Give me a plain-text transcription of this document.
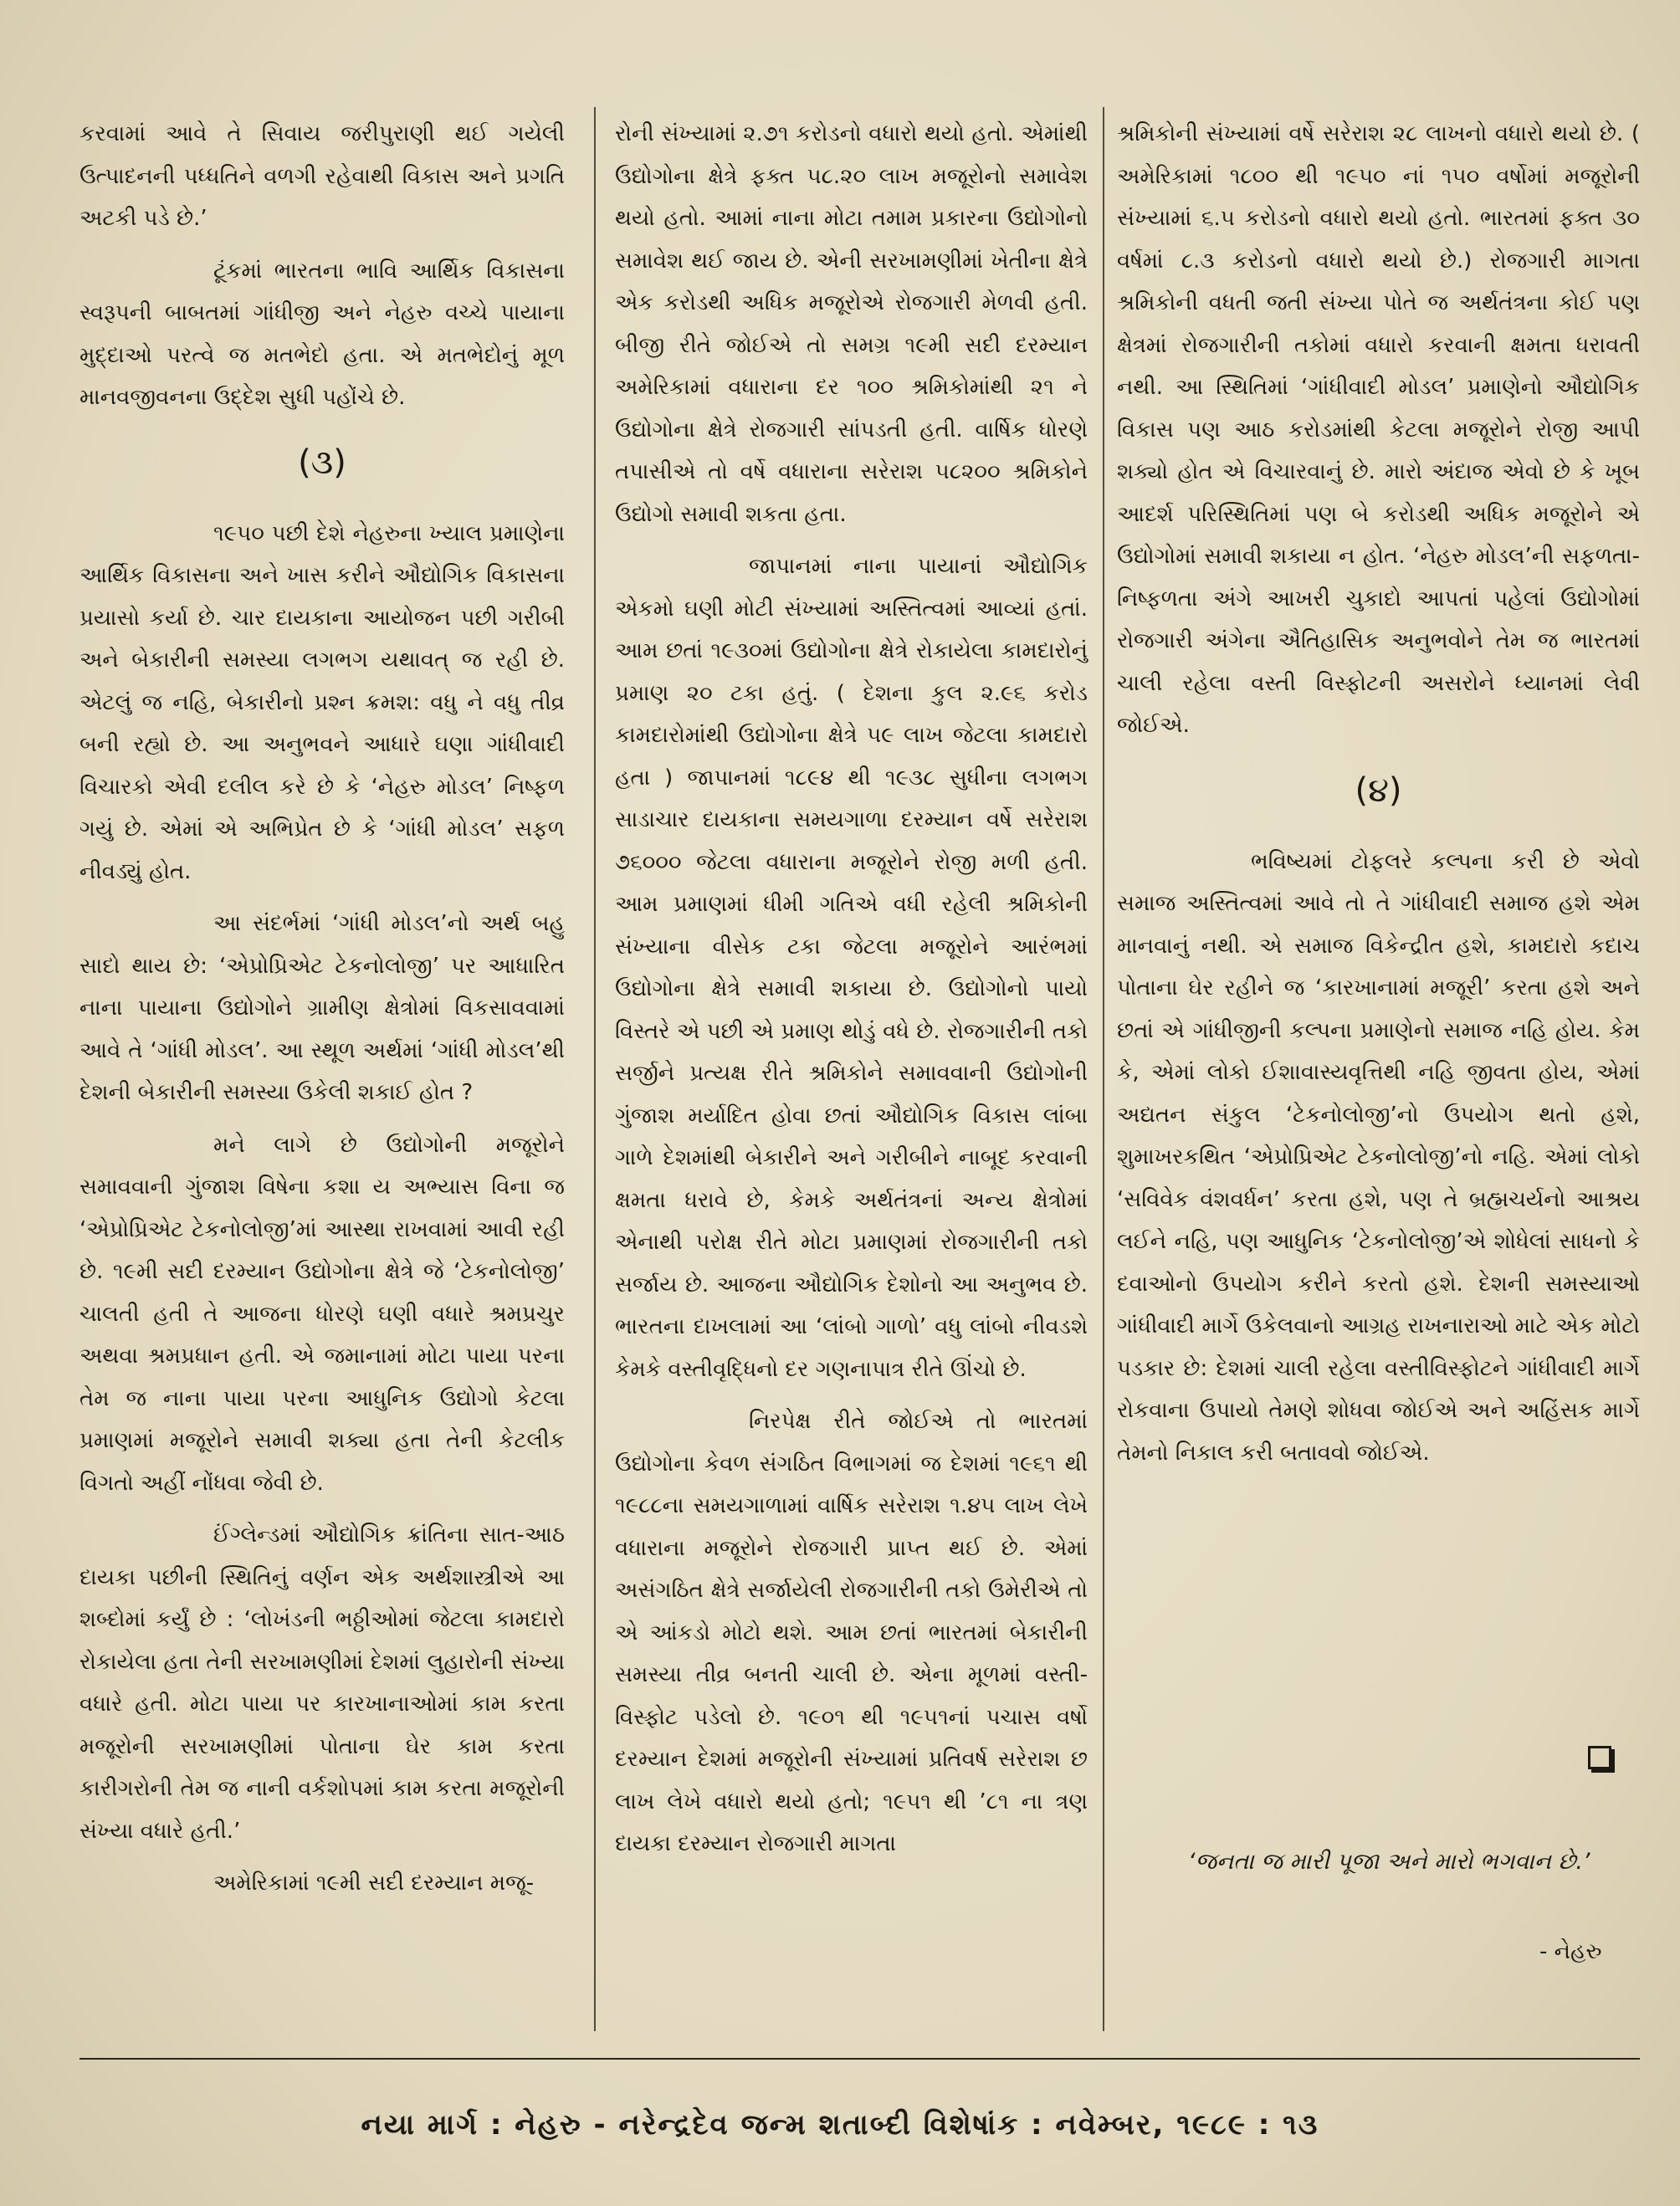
કરવામાં આવે તે સિવાય જરીપુરાણી થઈ ગયેલી ઉત્પાદનની પધ્ધતિને વળગી રહેવાથી વિકાસ અને પ્રગતિ અટકી પડે છે.’

ટૂંકમાં ભારતના ભાવિ આર્થિક વિકાસના સ્વરૂપની બાબતમાં ગાંધીજી અને નેહરુ વચ્ચે પાયાના મુદ્દાઓ પરત્વે જ મતભેદો હતા. એ મતભેદોનું મૂળ માનવજીવનના ઉદ્દેશ સુધી પહોંચે છે.

(૩)

૧૯૫૦ પછી દેશે નેહરુના ખ્યાલ પ્રમાણેના આર્થિક વિકાસના અને ખાસ કરીને ઔદ્યોગિક વિકાસના પ્રયાસો કર્યા છે. ચાર દાયકાના આયોજન પછી ગરીબી અને બેકારીની સમસ્યા લગભગ યથાવત્ જ રહી છે. એટલું જ નહિ, બેકારીનો પ્રશ્ન ક્રમશ: વધુ ને વધુ તીવ્ર બની રહ્યો છે. આ અનુભવને આધારે ઘણા ગાંધીવાદી વિચારકો એવી દલીલ કરે છે કે ‘નેહરુ મોડલ’ નિષ્ફળ ગયું છે. એમાં એ અભિપ્રેત છે કે ‘ગાંધી મોડલ’ સફળ નીવડ્યું હોત.

આ સંદર્ભમાં ‘ગાંધી મોડલ’નો અર્થ બહુ સાદો થાય છે: ‘એપ્રોપ્રિએટ ટેકનોલોજી’ પર આધારિત નાના પાયાના ઉદ્યોગોને ગ્રામીણ ક્ષેત્રોમાં વિકસાવવામાં આવે તે ‘ગાંધી મોડલ’. આ સ્થૂળ અર્થમાં ‘ગાંધી મોડલ’થી દેશની બેકારીની સમસ્યા ઉકેલી શકાઈ હોત ?

મને લાગે છે ઉદ્યોગોની મજૂરોને સમાવવાની ગુંજાશ વિષેના કશા ય અભ્યાસ વિના જ ‘એપ્રોપ્રિએટ ટેકનોલોજી’માં આસ્થા રાખવામાં આવી રહી છે. ૧૯મી સદી દરમ્યાન ઉદ્યોગોના ક્ષેત્રે જે ‘ટેકનોલોજી’ ચાલતી હતી તે આજના ધોરણે ઘણી વધારે શ્રમપ્રચુર અથવા શ્રમપ્રધાન હતી. એ જમાનામાં મોટા પાયા પરના તેમ જ નાના પાયા પરના આધુનિક ઉદ્યોગો કેટલા પ્રમાણમાં મજૂરોને સમાવી શક્યા હતા તેની કેટલીક વિગતો અહીં નોંધવા જેવી છે.

ઈંગ્લેન્ડમાં ઔદ્યોગિક ક્રાંતિના સાત-આઠ દાયકા પછીની સ્થિતિનું વર્ણન એક અર્થશાસ્ત્રીએ આ શબ્દોમાં કર્યું છે : ‘લોખંડની ભઠ્ઠીઓમાં જેટલા કામદારો રોકાયેલા હતા તેની સરખામણીમાં દેશમાં લુહારોની સંખ્યા વધારે હતી. મોટા પાયા પર કારખાનાઓમાં કામ કરતા મજૂરોની સરખામણીમાં પોતાના ઘેર કામ કરતા કારીગરોની તેમ જ નાની વર્કશોપમાં કામ કરતા મજૂરોની સંખ્યા વધારે હતી.’

અમેરિકામાં ૧૯મી સદી દરમ્યાન મજૂ-

રોની સંખ્યામાં ૨.૭૧ કરોડનો વધારો થયો હતો. એમાંથી ઉદ્યોગોના ક્ષેત્રે ફક્ત ૫૮.૨૦ લાખ મજૂરોનો સમાવેશ થયો હતો. આમાં નાના મોટા તમામ પ્રકારના ઉદ્યોગોનો સમાવેશ થઈ જાય છે. એની સરખામણીમાં ખેતીના ક્ષેત્રે એક કરોડથી અધિક મજૂરોએ રોજગારી મેળવી હતી. બીજી રીતે જોઈએ તો સમગ્ર ૧૯મી સદી દરમ્યાન અમેરિકામાં વધારાના દર ૧૦૦ શ્રમિકોમાંથી ૨૧ ને ઉદ્યોગોના ક્ષેત્રે રોજગારી સાંપડતી હતી. વાર્ષિક ધોરણે તપાસીએ તો વર્ષે વધારાના સરેરાશ ૫૮૨૦૦ શ્રમિકોને ઉદ્યોગો સમાવી શકતા હતા.

જાપાનમાં નાના પાયાનાં ઔદ્યોગિક એકમો ઘણી મોટી સંખ્યામાં અસ્તિત્વમાં આવ્યાં હતાં. આમ છતાં ૧૯૩૦માં ઉદ્યોગોના ક્ષેત્રે રોકાયેલા કામદારોનું પ્રમાણ ૨૦ ટકા હતું. ( દેશના કુલ ૨.૯૬ કરોડ કામદારોમાંથી ઉદ્યોગોના ક્ષેત્રે ૫૯ લાખ જેટલા કામદારો હતા ) જાપાનમાં ૧૮૯૪ થી ૧૯૩૮ સુધીના લગભગ સાડાચાર દાયકાના સમયગાળા દરમ્યાન વર્ષે સરેરાશ ૭૬૦૦૦ જેટલા વધારાના મજૂરોને રોજી મળી હતી. આમ પ્રમાણમાં ધીમી ગતિએ વધી રહેલી શ્રમિકોની સંખ્યાના વીસેક ટકા જેટલા મજૂરોને આરંભમાં ઉદ્યોગોના ક્ષેત્રે સમાવી શકાયા છે. ઉદ્યોગોનો પાયો વિસ્તરે એ પછી એ પ્રમાણ થોડું વધે છે. રોજગારીની તકો સર્જીને પ્રત્યક્ષ રીતે શ્રમિકોને સમાવવાની ઉદ્યોગોની ગુંજાશ મર્યાદિત હોવા છતાં ઔદ્યોગિક વિકાસ લાંબા ગાળે દેશમાંથી બેકારીને અને ગરીબીને નાબૂદ કરવાની ક્ષમતા ધરાવે છે, કેમકે અર્થતંત્રનાં અન્ય ક્ષેત્રોમાં એનાથી પરોક્ષ રીતે મોટા પ્રમાણમાં રોજગારીની તકો સર્જાય છે. આજના ઔદ્યોગિક દેશોનો આ અનુભવ છે. ભારતના દાખલામાં આ ‘લાંબો ગાળો’ વધુ લાંબો નીવડશે કેમકે વસ્તીવૃદ્ધિનો દર ગણનાપાત્ર રીતે ઊંચો છે.

નિરપેક્ષ રીતે જોઈએ તો ભારતમાં ઉદ્યોગોના કેવળ સંગઠિત વિભાગમાં જ દેશમાં ૧૯૬૧ થી ૧૯૮૮ના સમયગાળામાં વાર્ષિક સરેરાશ ૧.૪૫ લાખ લેખે વધારાના મજૂરોને રોજગારી પ્રાપ્ત થઈ છે. એમાં અસંગઠિત ક્ષેત્રે સર્જાયેલી રોજગારીની તકો ઉમેરીએ તો એ આંકડો મોટો થશે. આમ છતાં ભારતમાં બેકારીની સમસ્યા તીવ્ર બનતી ચાલી છે. એના મૂળમાં વસ્તી-વિસ્ફોટ પડેલો છે. ૧૯૦૧ થી ૧૯૫૧નાં પચાસ વર્ષો દરમ્યાન દેશમાં મજૂરોની સંખ્યામાં પ્રતિવર્ષ સરેરાશ છ લાખ લેખે વધારો થયો હતો; ૧૯૫૧ થી ’૮૧ ના ત્રણ દાયકા દરમ્યાન રોજગારી માગતા

શ્રમિકોની સંખ્યામાં વર્ષે સરેરાશ ૨૮ લાખનો વધારો થયો છે. ( અમેરિકામાં ૧૮૦૦ થી ૧૯૫૦ નાં ૧૫૦ વર્ષોમાં મજૂરોની સંખ્યામાં ૬.૫ કરોડનો વધારો થયો હતો. ભારતમાં ફક્ત ૩૦ વર્ષમાં ૮.૩ કરોડનો વધારો થયો છે.) રોજગારી માગતા શ્રમિકોની વધતી જતી સંખ્યા પોતે જ અર્થતંત્રના કોઈ પણ ક્ષેત્રમાં રોજગારીની તકોમાં વધારો કરવાની ક્ષમતા ધરાવતી નથી. આ સ્થિતિમાં ‘ગાંધીવાદી મોડલ’ પ્રમાણેનો ઔદ્યોગિક વિકાસ પણ આઠ કરોડમાંથી કેટલા મજૂરોને રોજી આપી શક્યો હોત એ વિચારવાનું છે. મારો અંદાજ એવો છે કે ખૂબ આદર્શ પરિસ્થિતિમાં પણ બે કરોડથી અધિક મજૂરોને એ ઉદ્યોગોમાં સમાવી શકાયા ન હોત. ‘નેહરુ મોડલ’ની સફળતા-નિષ્ફળતા અંગે આખરી ચુકાદો આપતાં પહેલાં ઉદ્યોગોમાં રોજગારી અંગેના ઐતિહાસિક અનુભવોને તેમ જ ભારતમાં ચાલી રહેલા વસ્તી વિસ્ફોટની અસરોને ધ્યાનમાં લેવી જોઈએ.

(૪)

ભવિષ્યમાં ટોફલરે કલ્પના કરી છે એવો સમાજ અસ્તિત્વમાં આવે તો તે ગાંધીવાદી સમાજ હશે એમ માનવાનું નથી. એ સમાજ વિકેન્દ્રીત હશે, કામદારો કદાચ પોતાના ઘેર રહીને જ ‘કારખાનામાં મજૂરી’ કરતા હશે અને છતાં એ ગાંધીજીની કલ્પના પ્રમાણેનો સમાજ નહિ હોય. કેમ કે, એમાં લોકો ઈશાવાસ્યવૃત્તિથી નહિ જીવતા હોય, એમાં અદ્યતન સંકુલ ‘ટેકનોલોજી’નો ઉપયોગ થતો હશે, શુમાખરકથિત ‘એપ્રોપ્રિએટ ટેકનોલોજી’નો નહિ. એમાં લોકો ‘સવિવેક વંશવર્ધન’ કરતા હશે, પણ તે બ્રહ્મચર્યનો આશ્રય લઈને નહિ, પણ આધુનિક ‘ટેકનોલોજી’એ શોધેલાં સાધનો કે દવાઓનો ઉપયોગ કરીને કરતો હશે. દેશની સમસ્યાઓ ગાંધીવાદી માર્ગે ઉકેલવાનો આગ્રહ રાખનારાઓ માટે એક મોટો પડકાર છે: દેશમાં ચાલી રહેલા વસ્તીવિસ્ફોટને ગાંધીવાદી માર્ગે રોકવાના ઉપાયો તેમણે શોધવા જોઈએ અને અહિંસક માર્ગે તેમનો નિકાલ કરી બતાવવો જોઈએ.

‘જનતા જ મારી પૂજા અને મારો ભગવાન છે.’
- નેહરુ
નયા માર્ગ : નેહરુ - નરેન્દ્રદેવ જન્મ શતાબ્દી વિશેષાંક : નવેમ્બર, ૧૯૮૯ : ૧૩
